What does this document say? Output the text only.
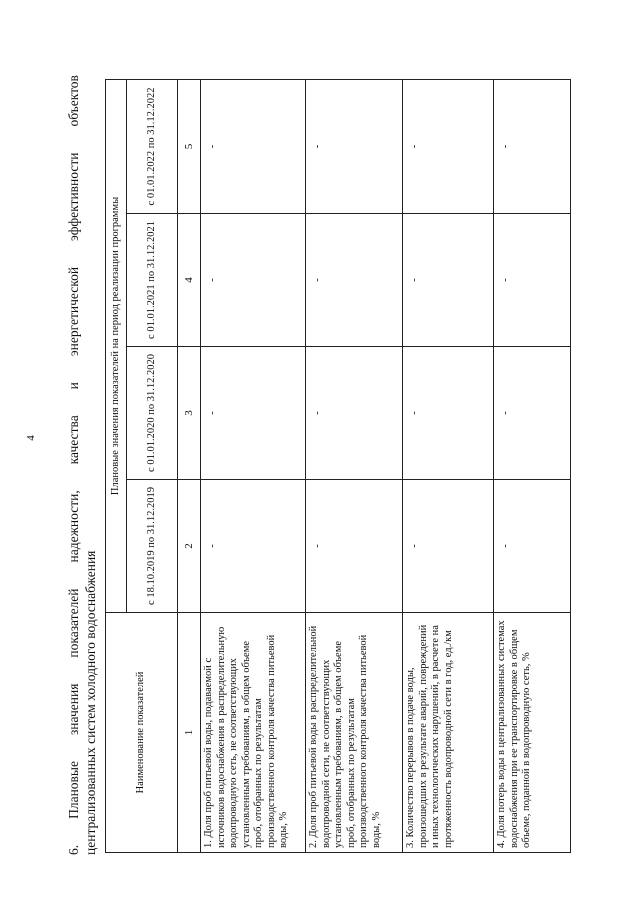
4
6.
Плановые
значения
показателей
надежности,
качества
и
энергетической
эффективности
объектов
централизованных систем холодного водоснабжения	Наименование показателей	Плановые значения показателей на период реализации программы			
	с 18.10.2019 по 31.12.2019	с 01.01.2020 по 31.12.2020	с 01.01.2021 по 31.12.2021	с 01.01.2022 по 31.12.2022
1	2	3	4	5
1. Доля проб питьевой воды, подаваемой с источников водоснабжения в распределительную водопроводную сеть, не соответствующих установленным требованиям, в общем объеме проб, отобранных по результатам производственного контроля качества питьевой воды, %	-	-	-	-
2. Доля проб питьевой воды в распределительной водопроводной сети, не соответствующих установленным требованиям, в общем объеме проб, отобранных по результатам производственного контроля качества питьевой воды, %	-	-	-	-
3. Количество перерывов в подаче воды, произошедших в результате аварий, повреждений и иных технологических нарушений, в расчете на протяженность водопроводной сети в год, ед./км	-	-	-	-
4. Доля потерь воды в централизованных системах водоснабжения при ее транспортировке в общем объеме, поданной в водопроводную сеть, %	-	-	-	-
